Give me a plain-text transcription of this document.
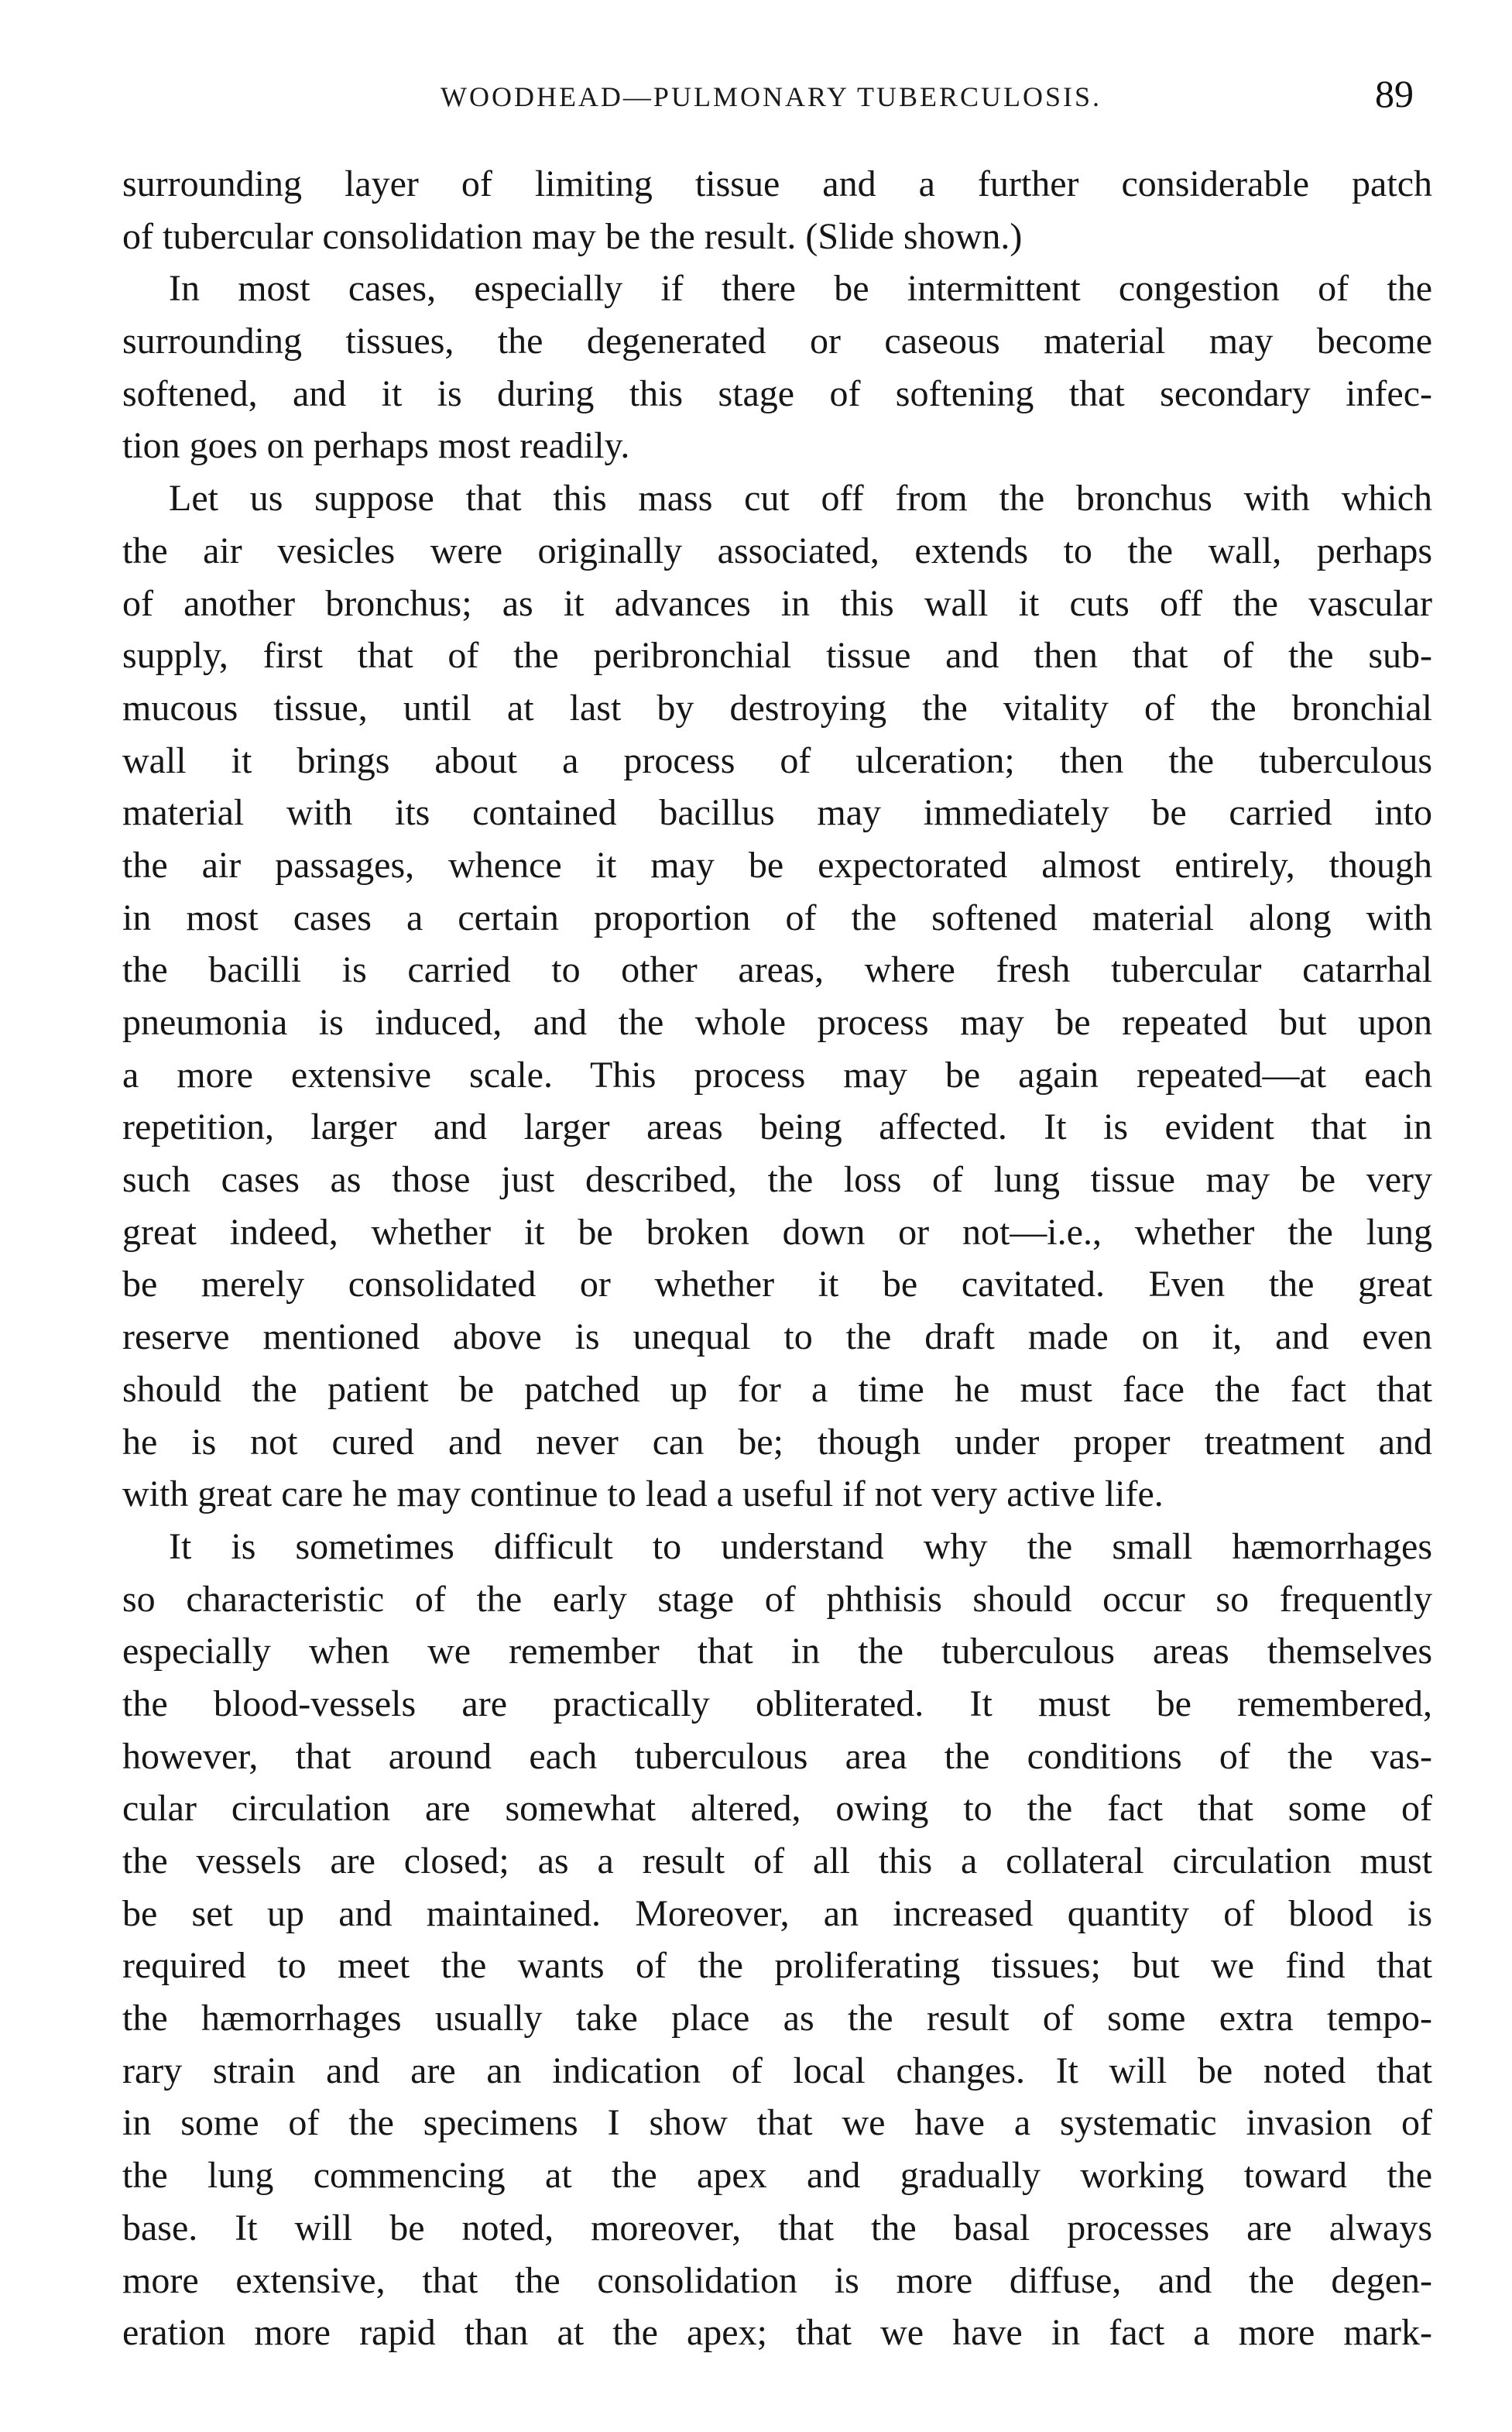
WOODHEAD—PULMONARY TUBERCULOSIS.	89
surrounding layer of limiting tissue and a further considerable patch
of tubercular consolidation may be the result. (Slide shown.)
In most cases, especially if there be intermittent congestion of the
surrounding tissues, the degenerated or caseous material may become
softened, and it is during this stage of softening that secondary infec-
tion goes on perhaps most readily.
Let us suppose that this mass cut off from the bronchus with which
the air vesicles were originally associated, extends to the wall, perhaps
of another bronchus; as it advances in this wall it cuts off the vascular
supply, first that of the peribronchial tissue and then that of the sub-
mucous tissue, until at last by destroying the vitality of the bronchial
wall it brings about a process of ulceration; then the tuberculous
material with its contained bacillus may immediately be carried into
the air passages, whence it may be expectorated almost entirely, though
in most cases a certain proportion of the softened material along with
the bacilli is carried to other areas, where fresh tubercular catarrhal
pneumonia is induced, and the whole process may be repeated but upon
a more extensive scale. This process may be again repeated—at each
repetition, larger and larger areas being affected. It is evident that in
such cases as those just described, the loss of lung tissue may be very
great indeed, whether it be broken down or not—i.e., whether the lung
be merely consolidated or whether it be cavitated. Even the great
reserve mentioned above is unequal to the draft made on it, and even
should the patient be patched up for a time he must face the fact that
he is not cured and never can be; though under proper treatment and
with great care he may continue to lead a useful if not very active life.
It is sometimes difficult to understand why the small hæmorrhages
so characteristic of the early stage of phthisis should occur so frequently
especially when we remember that in the tuberculous areas themselves
the blood-vessels are practically obliterated. It must be remembered,
however, that around each tuberculous area the conditions of the vas-
cular circulation are somewhat altered, owing to the fact that some of
the vessels are closed; as a result of all this a collateral circulation must
be set up and maintained. Moreover, an increased quantity of blood is
required to meet the wants of the proliferating tissues; but we find that
the hæmorrhages usually take place as the result of some extra tempo-
rary strain and are an indication of local changes. It will be noted that
in some of the specimens I show that we have a systematic invasion of
the lung commencing at the apex and gradually working toward the
base. It will be noted, moreover, that the basal processes are always
more extensive, that the consolidation is more diffuse, and the degen-
eration more rapid than at the apex; that we have in fact a more mark-
